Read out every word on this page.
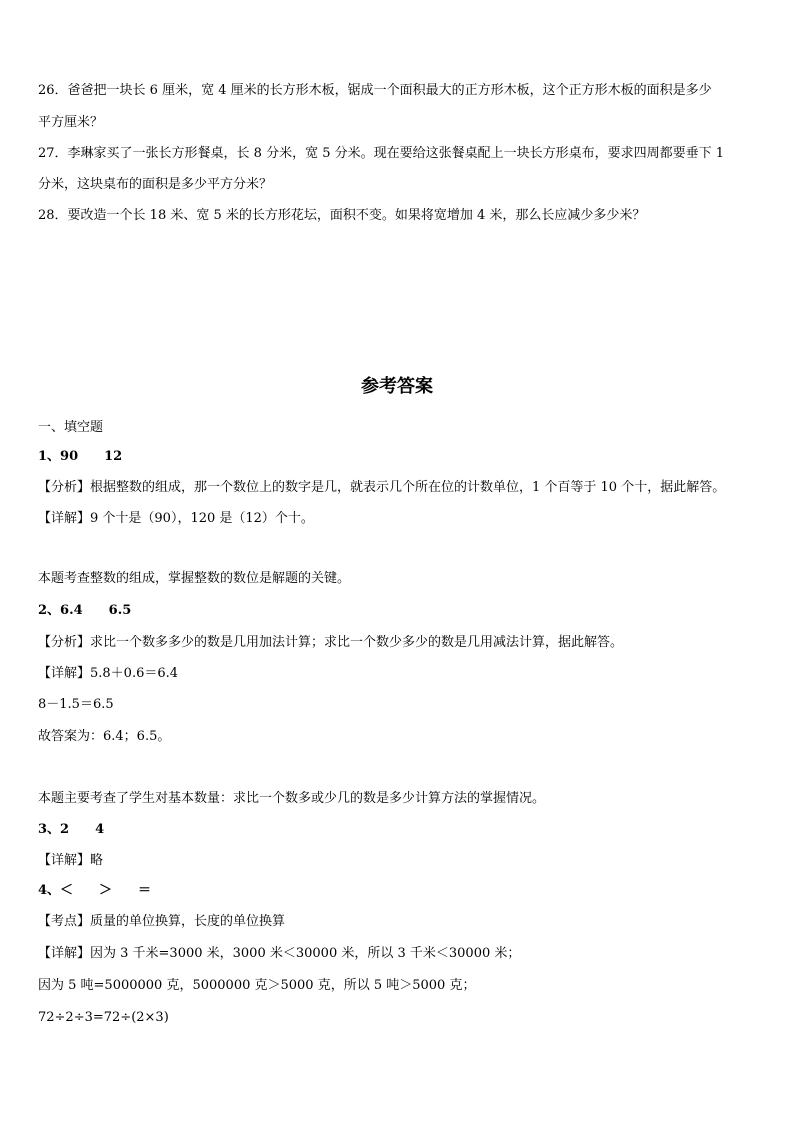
26．爸爸把一块长 6 厘米，宽 4 厘米的长方形木板，锯成一个面积最大的正方形木板，这个正方形木板的面积是多少
平方厘米？
27．李琳家买了一张长方形餐桌，长 8 分米，宽 5 分米。现在要给这张餐桌配上一块长方形桌布，要求四周都要垂下 1
分米，这块桌布的面积是多少平方分米？
28．要改造一个长 18 米、宽 5 米的长方形花坛，面积不变。如果将宽增加 4 米，那么长应减少多少米？
参考答案
一、填空题
1、90　　12
【分析】根据整数的组成，那一个数位上的数字是几，就表示几个所在位的计数单位，1 个百等于 10 个十，据此解答。
【详解】9 个十是（90），120 是（12）个十。
本题考查整数的组成，掌握整数的数位是解题的关键。
2、6.4　　6.5
【分析】求比一个数多多少的数是几用加法计算；求比一个数少多少的数是几用减法计算，据此解答。
【详解】5.8＋0.6＝6.4
8－1.5＝6.5
故答案为：6.4；6.5。
本题主要考查了学生对基本数量：求比一个数多或少几的数是多少计算方法的掌握情况。
3、2　　4
【详解】略
4、＜　　＞　　＝
【考点】质量的单位换算，长度的单位换算
【详解】因为 3 千米=3000 米，3000 米＜30000 米，所以 3 千米＜30000 米；
因为 5 吨=5000000 克，5000000 克＞5000 克，所以 5 吨＞5000 克；
72÷2÷3=72÷(2×3)
